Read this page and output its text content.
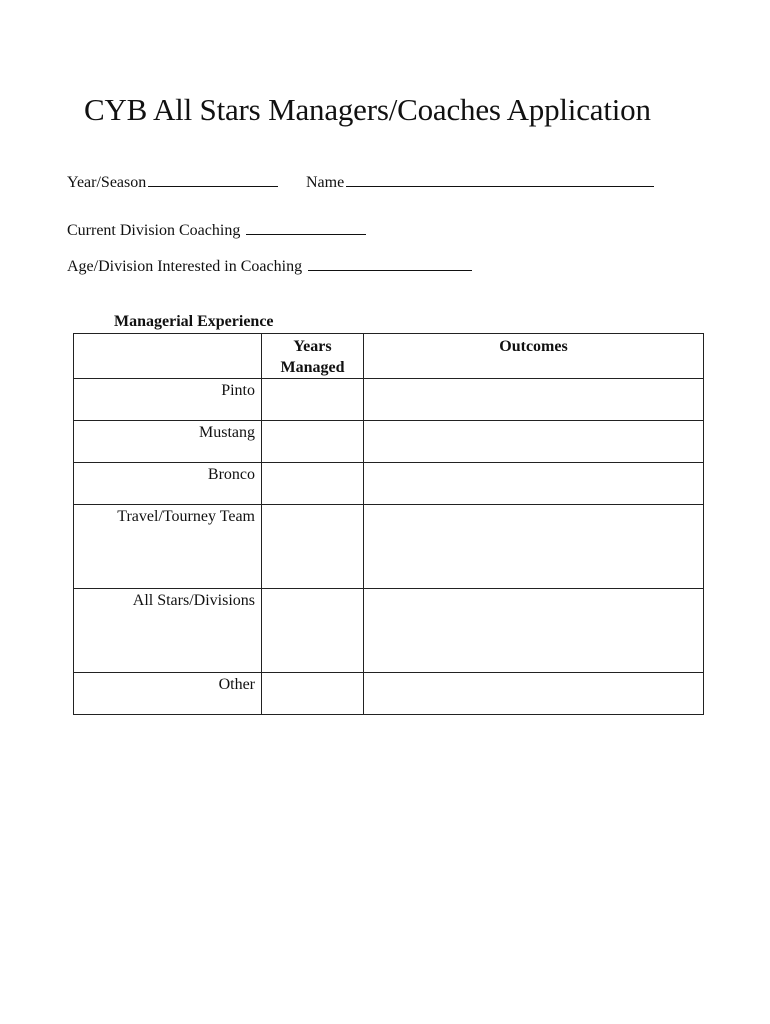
CYB All Stars Managers/Coaches Application
Year/Season	Name
Current Division Coaching
Age/Division Interested in Coaching
Managerial Experience

	Years Managed	Outcomes

Pinto		

Mustang		

Bronco		

Travel/Tourney Team		

All Stars/Divisions		

Other		
